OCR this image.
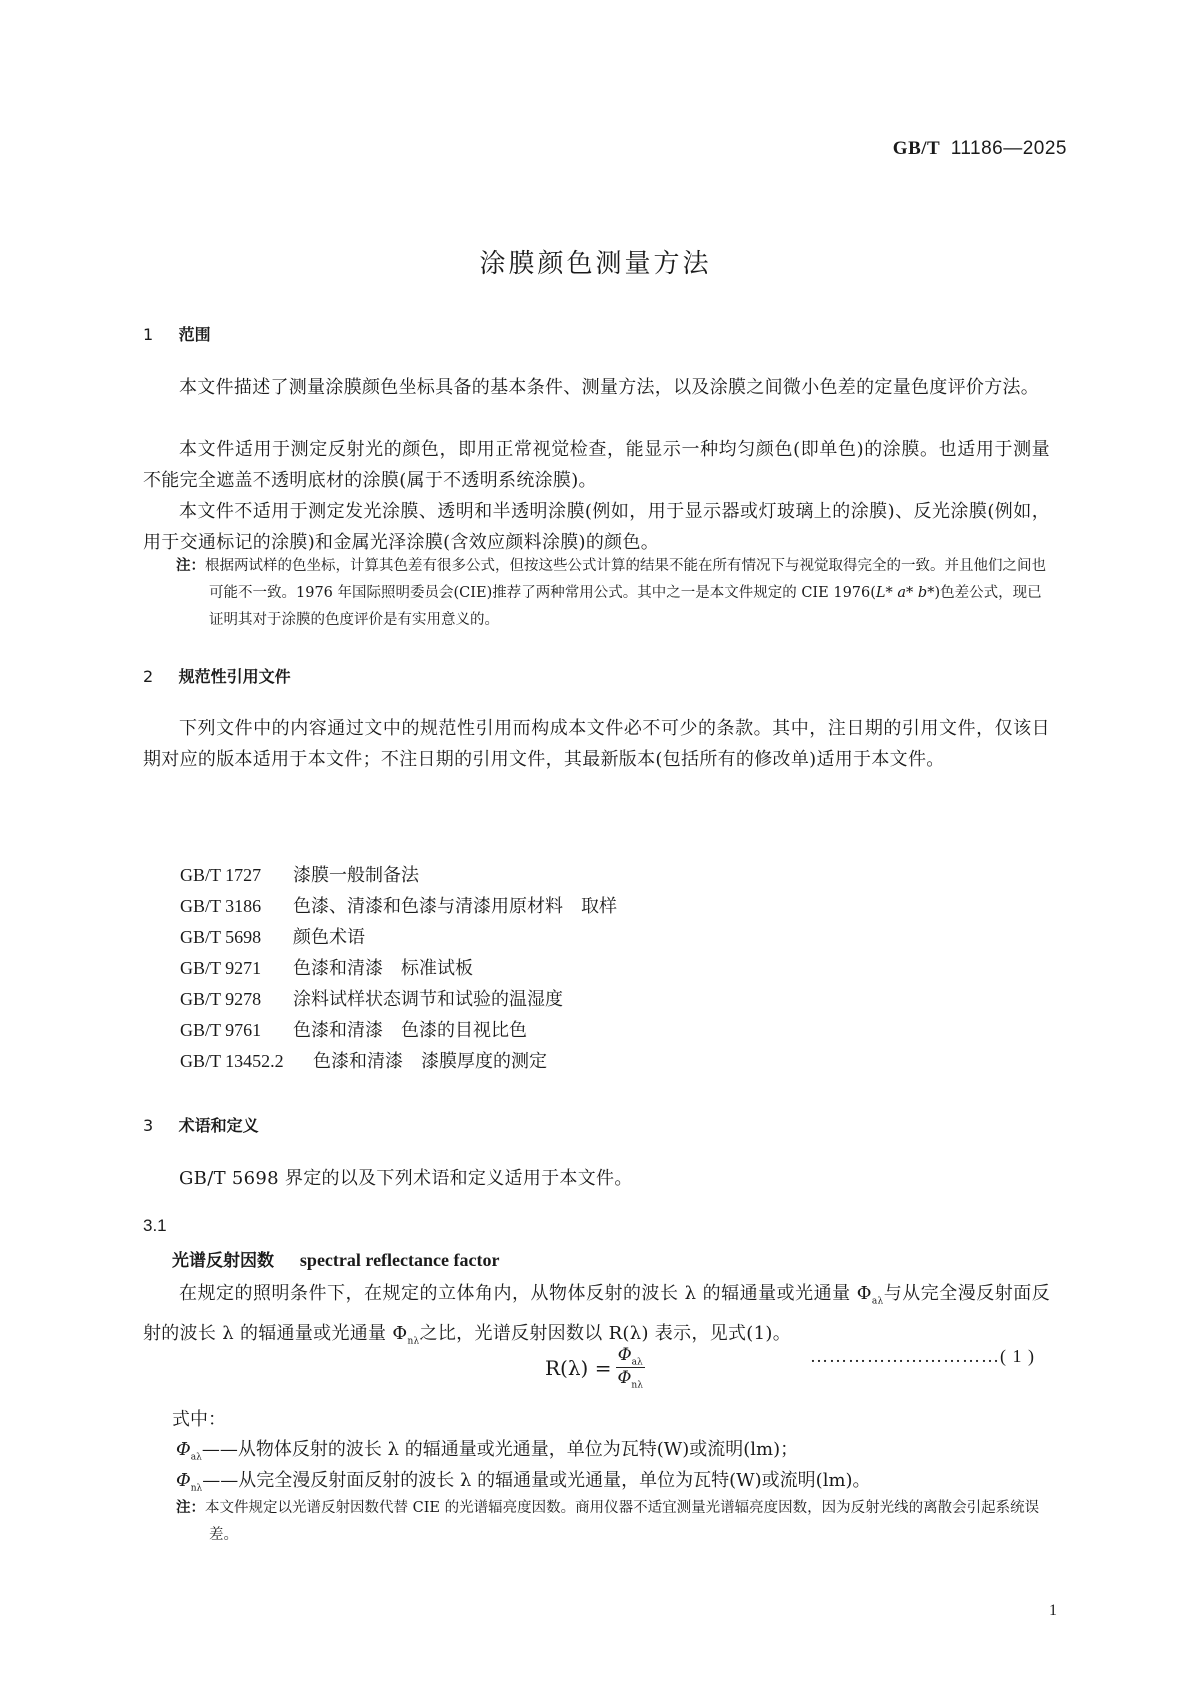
GB/T 11186—2025
涂膜颜色测量方法
1 范围
本文件描述了测量涂膜颜色坐标具备的基本条件、测量方法，以及涂膜之间微小色差的定量色度评价方法。
本文件适用于测定反射光的颜色，即用正常视觉检查，能显示一种均匀颜色(即单色)的涂膜。也适用于测量不能完全遮盖不透明底材的涂膜(属于不透明系统涂膜)。
本文件不适用于测定发光涂膜、透明和半透明涂膜(例如，用于显示器或灯玻璃上的涂膜)、反光涂膜(例如，用于交通标记的涂膜)和金属光泽涂膜(含效应颜料涂膜)的颜色。
注：根据两试样的色坐标，计算其色差有很多公式，但按这些公式计算的结果不能在所有情况下与视觉取得完全的一致。并且他们之间也可能不一致。1976 年国际照明委员会(CIE)推荐了两种常用公式。其中之一是本文件规定的 CIE 1976(L* a* b*)色差公式，现已证明其对于涂膜的色度评价是有实用意义的。
2 规范性引用文件
下列文件中的内容通过文中的规范性引用而构成本文件必不可少的条款。其中，注日期的引用文件，仅该日期对应的版本适用于本文件；不注日期的引用文件，其最新版本(包括所有的修改单)适用于本文件。
GB/T 1727 漆膜一般制备法
GB/T 3186 色漆、清漆和色漆与清漆用原材料　取样
GB/T 5698 颜色术语
GB/T 9271 色漆和清漆　标准试板
GB/T 9278 涂料试样状态调节和试验的温湿度
GB/T 9761 色漆和清漆　色漆的目视比色
GB/T 13452.2 色漆和清漆　漆膜厚度的测定
3 术语和定义
GB/T 5698 界定的以及下列术语和定义适用于本文件。
3.1
光谱反射因数 spectral reflectance factor
在规定的照明条件下，在规定的立体角内，从物体反射的波长 λ 的辐通量或光通量 $\Phi_{a\lambda}$与从完全漫反射面反射的波长 λ 的辐通量或光通量 $\Phi_{n\lambda}$之比，光谱反射因数以 R(λ) 表示，见式(1)。
$R(\lambda) = \frac{\Phi_{a\lambda}}{\Phi_{n\lambda}}$	…………………………( 1 )
式中：
$\Phi_{a\lambda}——$从物体反射的波长 λ 的辐通量或光通量，单位为瓦特(W)或流明(lm)；
$\Phi_{n\lambda}——$从完全漫反射面反射的波长 λ 的辐通量或光通量，单位为瓦特(W)或流明(lm)。
注：本文件规定以光谱反射因数代替 CIE 的光谱辐亮度因数。商用仪器不适宜测量光谱辐亮度因数，因为反射光线的离散会引起系统误差。
1
